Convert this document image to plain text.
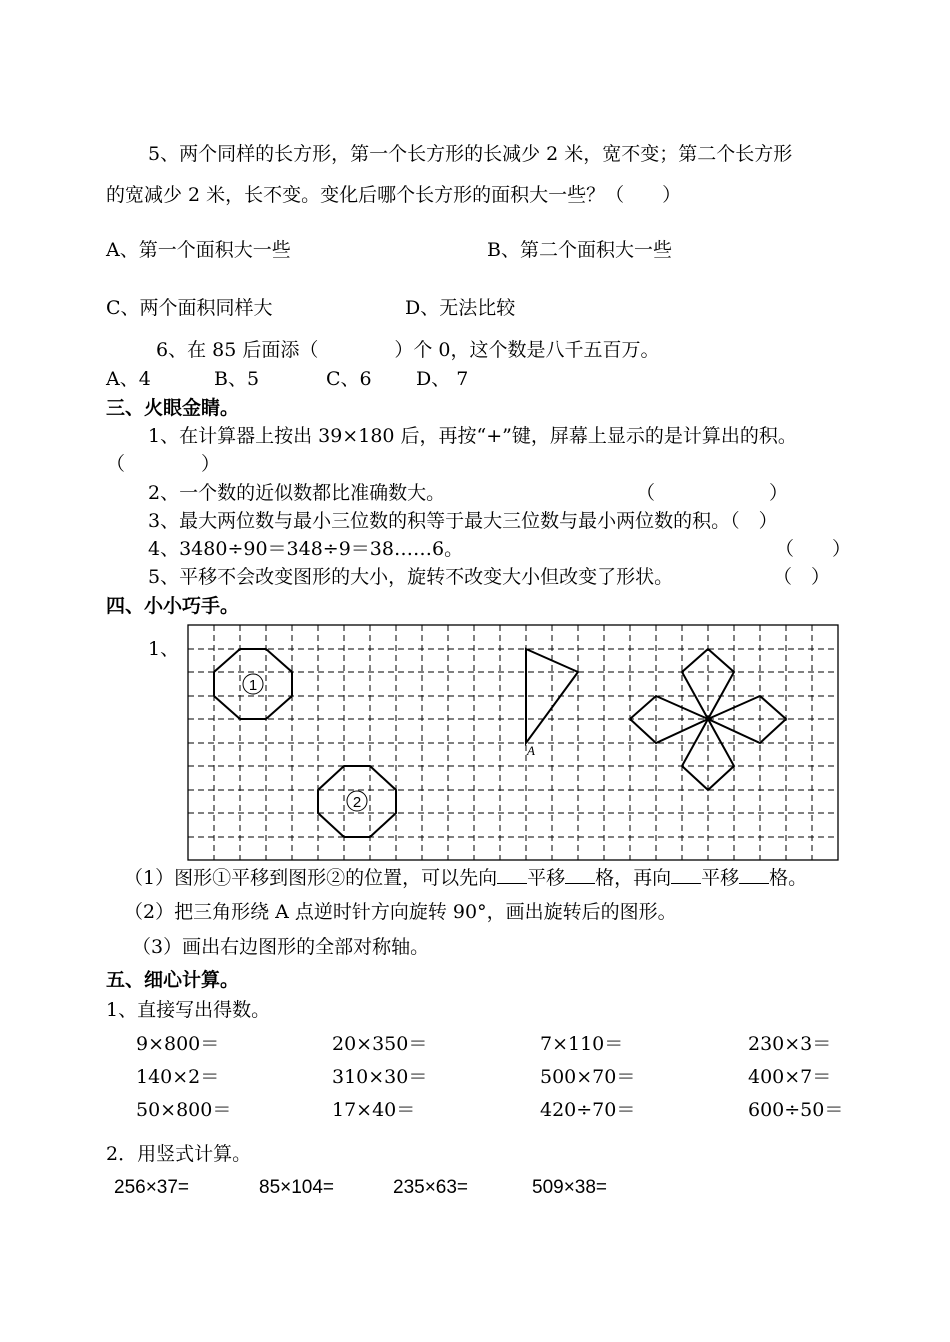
5、两个同样的长方形，第一个长方形的长减少 2 米，宽不变；第二个长方形
的宽减少 2 米，长不变。变化后哪个长方形的面积大一些？（　　）
A、第一个面积大一些	B、第二个面积大一些
C、两个面积同样大	D、无法比较
6、在 85 后面添（　　　　）个 0，这个数是八千五百万。
A、4	B、5	C、6 D、 7
三、火眼金睛。
1、在计算器上按出 39×180 后，再按“+”键，屏幕上显示的是计算出的积。
（　　　　）
2、一个数的近似数都比准确数大。	（　　　　　　）
3、最大两位数与最小三位数的积等于最大三位数与最小两位数的积。（　）
4、3480÷90＝348÷9＝38……6。	（　　）
5、平移不会改变图形的大小，旋转不改变大小但改变了形状。	（　）
四、小小巧手。
1、
1
2
A
（1）图形①平移到图形②的位置，可以先向 平移 格，再向 平移 格。
（2）把三角形绕 A 点逆时针方向旋转 90°，画出旋转后的图形。
（3）画出右边图形的全部对称轴。
五、细心计算。
1、直接写出得数。
9×800＝	20×350＝	7×110＝	230×3＝
140×2＝	310×30＝	500×70＝	400×7＝
50×800＝	17×40＝	420÷70＝	600÷50＝
2．用竖式计算。
256×37=	85×104=	235×63=	509×38=
